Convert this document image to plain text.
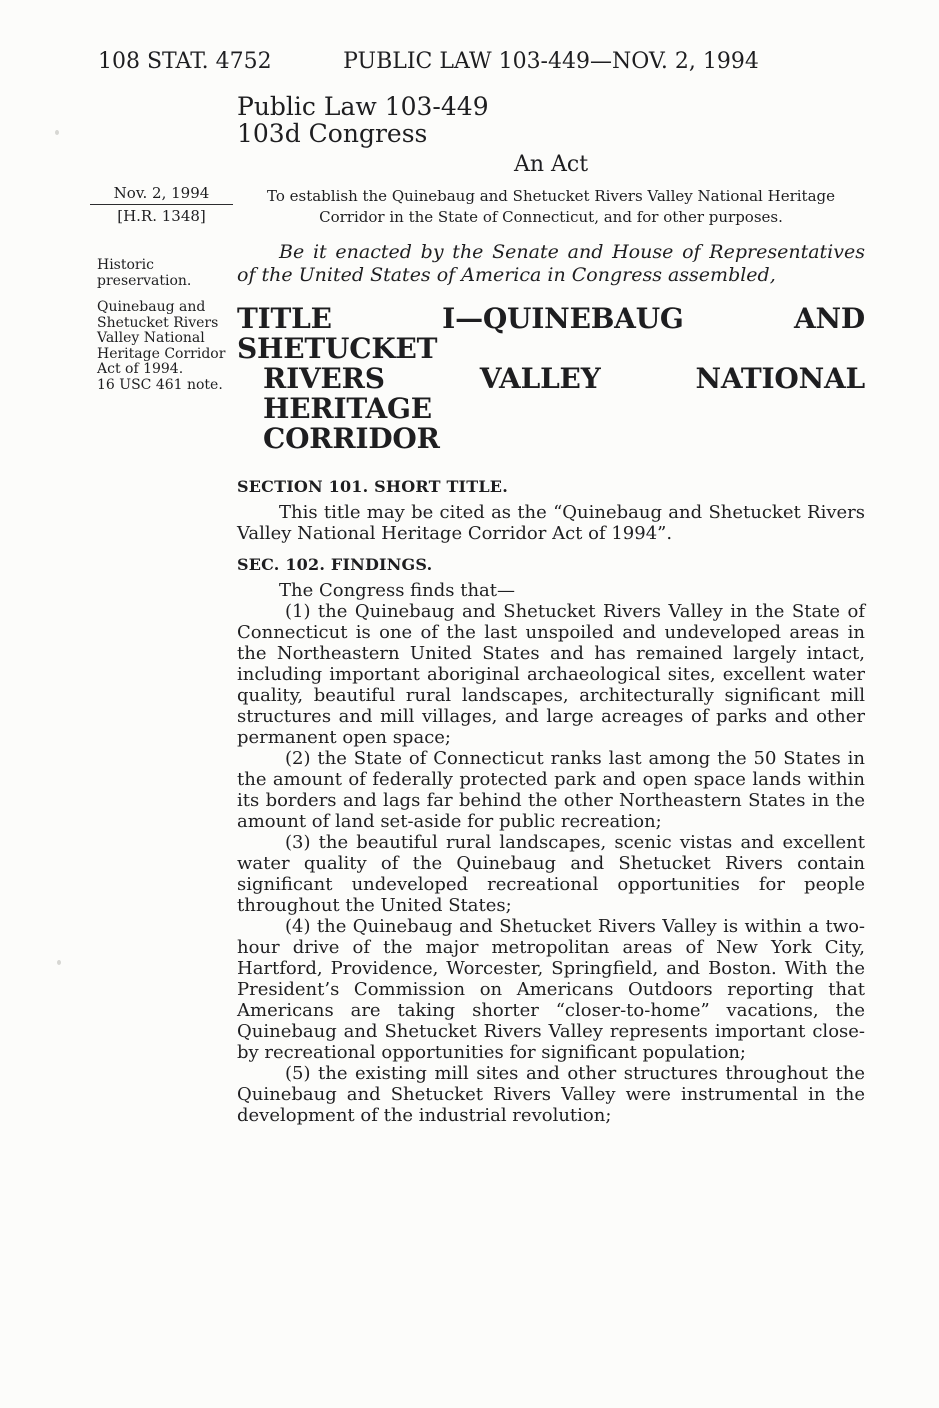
108 STAT. 4752	PUBLIC LAW 103-449—NOV. 2, 1994
Nov. 2, 1994
[H.R. 1348]
Historic preservation.
Quinebaug and Shetucket Rivers Valley National Heritage Corridor Act of 1994.
16 USC 461 note.
Public Law 103-449
103d Congress
An Act
To establish the Quinebaug and Shetucket Rivers Valley National Heritage Corridor in the State of Connecticut, and for other purposes.
Be it enacted by the Senate and House of Representatives of the United States of America in Congress assembled,
TITLE I—QUINEBAUG AND SHETUCKET
RIVERS VALLEY NATIONAL HERITAGE
CORRIDOR
SECTION 101. SHORT TITLE.
This title may be cited as the “Quinebaug and Shetucket Rivers Valley National Heritage Corridor Act of 1994”.
SEC. 102. FINDINGS.
The Congress finds that—
(1) the Quinebaug and Shetucket Rivers Valley in the State of Connecticut is one of the last unspoiled and undeveloped areas in the Northeastern United States and has remained largely intact, including important aboriginal archaeological sites, excellent water quality, beautiful rural landscapes, architecturally significant mill structures and mill villages, and large acreages of parks and other permanent open space;
(2) the State of Connecticut ranks last among the 50 States in the amount of federally protected park and open space lands within its borders and lags far behind the other Northeastern States in the amount of land set-aside for public recreation;
(3) the beautiful rural landscapes, scenic vistas and excellent water quality of the Quinebaug and Shetucket Rivers contain significant undeveloped recreational opportunities for people throughout the United States;
(4) the Quinebaug and Shetucket Rivers Valley is within a two-hour drive of the major metropolitan areas of New York City, Hartford, Providence, Worcester, Springfield, and Boston. With the President’s Commission on Americans Outdoors reporting that Americans are taking shorter “closer-to-home” vacations, the Quinebaug and Shetucket Rivers Valley represents important close-by recreational opportunities for significant population;
(5) the existing mill sites and other structures throughout the Quinebaug and Shetucket Rivers Valley were instrumental in the development of the industrial revolution;
